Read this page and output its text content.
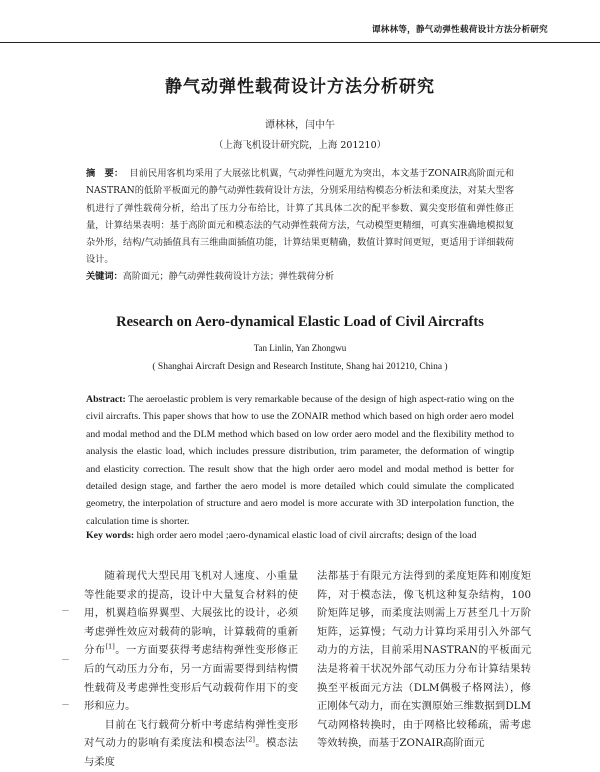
谭林林等，静气动弹性载荷设计方法分析研究
静气动弹性载荷设计方法分析研究
谭林林，闫中午
（上海飞机设计研究院，上海 201210）
摘　要： 目前民用客机均采用了大展弦比机翼，气动弹性问题尤为突出，本文基于ZONAIR高阶面元和NASTRAN的低阶平板面元的静气动弹性载荷设计方法，分别采用结构模态分析法和柔度法，对某大型客机进行了弹性载荷分析，给出了压力分布给比，计算了其具体二次的配平参数、翼尖变形值和弹性修正量，计算结果表明：基于高阶面元和模态法的气动弹性载荷方法，气动模型更精细，可真实准确地模拟复杂外形，结构/气动插值具有三维曲面插值功能，计算结果更精确，数值计算时间更短，更适用于详细载荷设计。
关键词：高阶面元；静气动弹性载荷设计方法；弹性载荷分析
Research on Aero-dynamical Elastic Load of Civil Aircrafts
Tan Linlin, Yan Zhongwu
( Shanghai Aircraft Design and Research Institute, Shang hai 201210, China )
Abstract: The aeroelastic problem is very remarkable because of the design of high aspect-ratio wing on the civil aircrafts. This paper shows that how to use the ZONAIR method which based on high order aero model and modal method and the DLM method which based on low order aero model and the flexibility method to analysis the elastic load, which includes pressure distribution, trim parameter, the deformation of wingtip and elasticity correction. The result show that the high order aero model and modal method is better for detailed design stage, and farther the aero model is more detailed which could simulate the complicated geometry, the interpolation of structure and aero model is more accurate with 3D interpolation function, the calculation time is shorter.
Key words: high order aero model ;aero-dynamical elastic load of civil aircrafts; design of the load
—
—
—

随着现代大型民用飞机对人速度、小重量等性能要求的提高，设计中大量复合材料的使用，机翼趋临界翼型、大展弦比的设计，必须考虑弹性效应对载荷的影响，计算载荷的重新分布[1]。一方面要获得考虑结构弹性变形修正后的气动压力分布，另一方面需要得到结构惯性载荷及考虑弹性变形后气动载荷作用下的变形和应力。

目前在飞行载荷分析中考虑结构弹性变形对气动力的影响有柔度法和模态法[2]。模态法与柔度

法都基于有限元方法得到的柔度矩阵和刚度矩阵，对于模态法，像飞机这种复杂结构，100阶矩阵足够，而柔度法则需上万甚至几十万阶矩阵，运算慢；气动力计算均采用引入外部气动力的方法，目前采用NASTRAN的平板面元法是将着干状况外部气动压力分布计算结果转换至平板面元方法（DLM偶极子格网法），修正刚体气动力，而在实测原始三维数据到DLM气动网格转换时，由于网格比较稀疏，需考虑等效转换，而基于ZONAIR高阶面元
